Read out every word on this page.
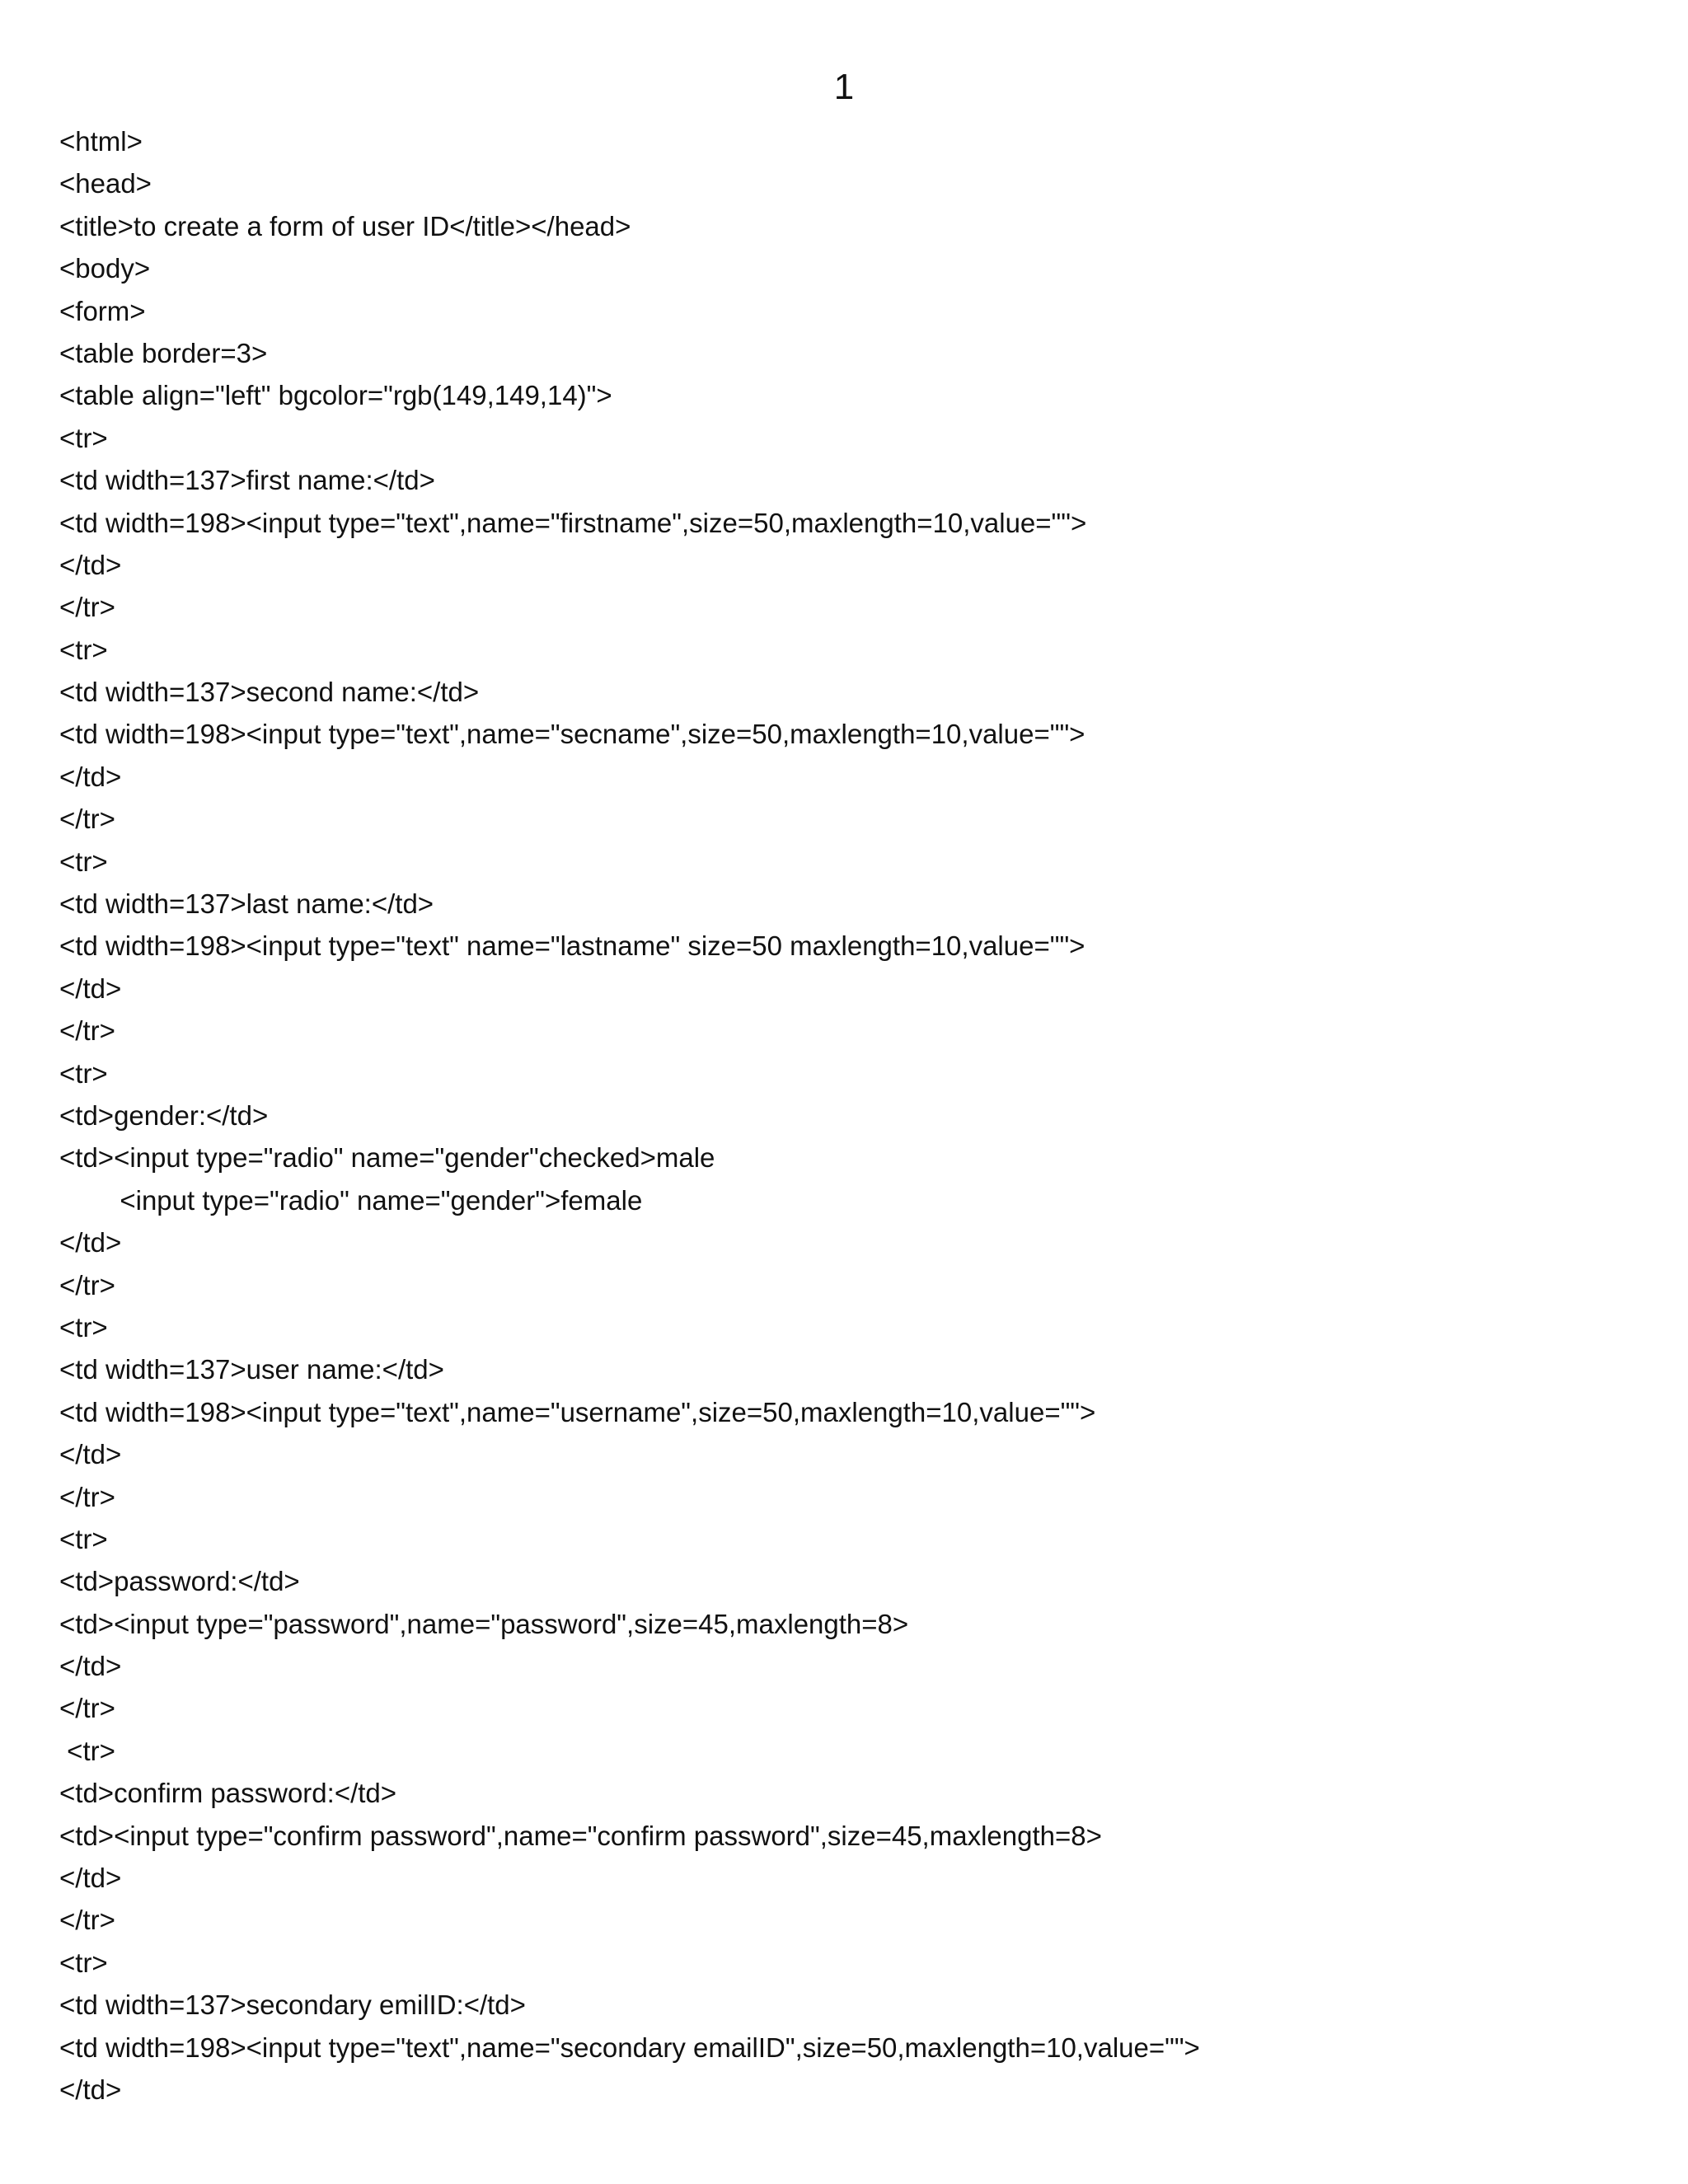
1
<html>
<head>
<title>to create a form of user ID</title></head>
<body>
<form>
<table border=3>
<table align="left" bgcolor="rgb(149,149,14)">
<tr>
<td width=137>first name:</td>
<td width=198><input type="text",name="firstname",size=50,maxlength=10,value="">
</td>
</tr>
<tr>
<td width=137>second name:</td>
<td width=198><input type="text",name="secname",size=50,maxlength=10,value="">
</td>
</tr>
<tr>
<td width=137>last name:</td>
<td width=198><input type="text" name="lastname" size=50 maxlength=10,value="">
</td>
</tr>
<tr>
<td>gender:</td>
<td><input type="radio" name="gender"checked>male
<input type="radio" name="gender">female
</td>
</tr>
<tr>
<td width=137>user name:</td>
<td width=198><input type="text",name="username",size=50,maxlength=10,value="">
</td>
</tr>
<tr>
<td>password:</td>
<td><input type="password",name="password",size=45,maxlength=8>
</td>
</tr>
<tr>
<td>confirm password:</td>
<td><input type="confirm password",name="confirm password",size=45,maxlength=8>
</td>
</tr>
<tr>
<td width=137>secondary emilID:</td>
<td width=198><input type="text",name="secondary emailID",size=50,maxlength=10,value="">
</td>
